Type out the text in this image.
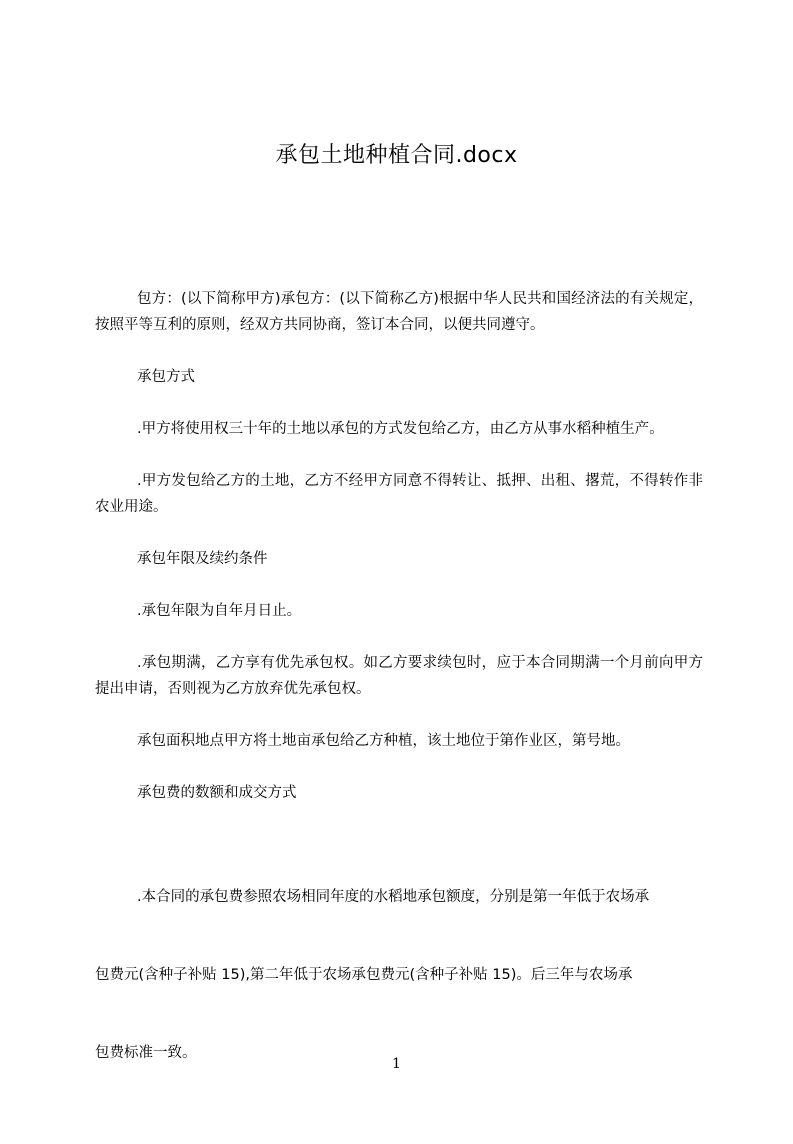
承包土地种植合同.docx

包方：(以下简称甲方)承包方：(以下简称乙方)根据中华人民共和国经济法的有关规定，按照平等互利的原则，经双方共同协商，签订本合同，以便共同遵守。

承包方式

.甲方将使用权三十年的土地以承包的方式发包给乙方，由乙方从事水稻种植生产。

.甲方发包给乙方的土地，乙方不经甲方同意不得转让、抵押、出租、撂荒，不得转作非农业用途。

承包年限及续约条件

.承包年限为自年月日止。

.承包期满，乙方享有优先承包权。如乙方要求续包时，应于本合同期满一个月前向甲方提出申请，否则视为乙方放弃优先承包权。

承包面积地点甲方将土地亩承包给乙方种植，该土地位于第作业区，第号地。

承包费的数额和成交方式

.本合同的承包费参照农场相同年度的水稻地承包额度，分别是第一年低于农场承

包费元(含种子补贴 15),第二年低于农场承包费元(含种子补贴 15)。后三年与农场承

包费标准一致。

1
